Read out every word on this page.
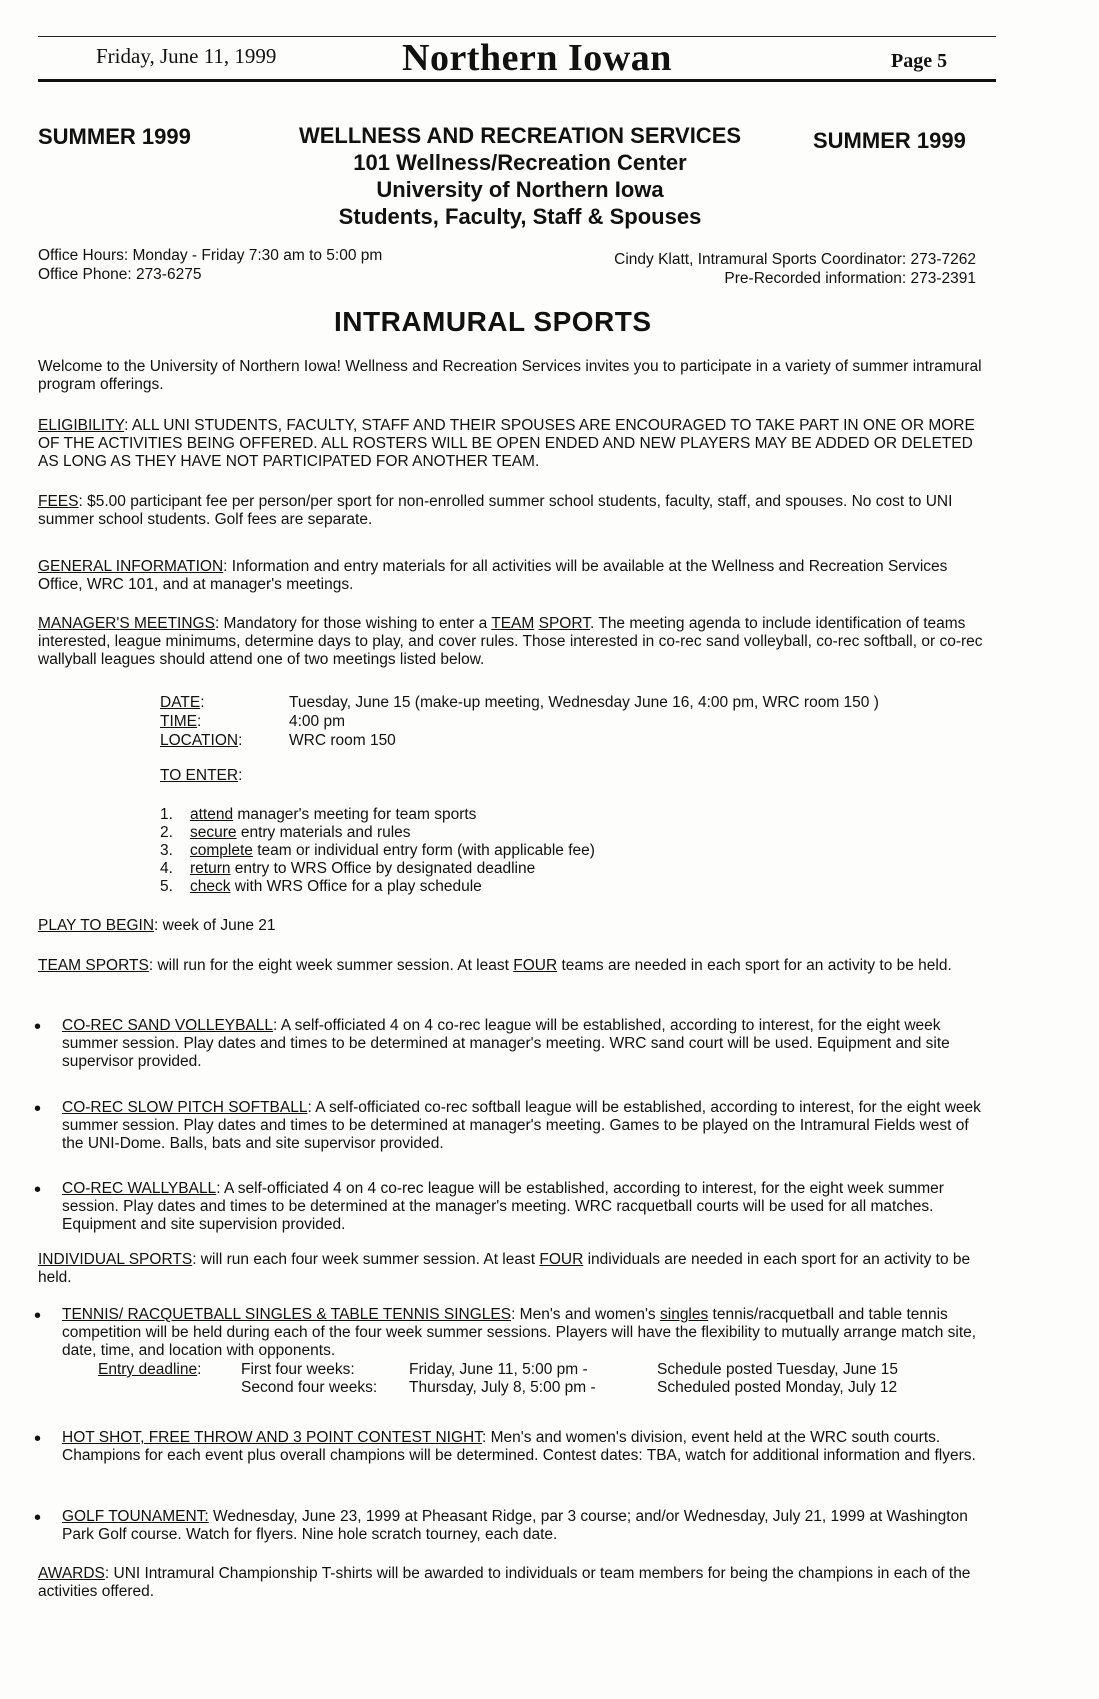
Friday, June 11, 1999	Northern Iowan	Page 5
SUMMER 1999	SUMMER 1999
WELLNESS AND RECREATION SERVICES
101 Wellness/Recreation Center
University of Northern Iowa
Students, Faculty, Staff & Spouses
Office Hours: Monday - Friday 7:30 am to 5:00 pm
Office Phone: 273-6275
Cindy Klatt, Intramural Sports Coordinator: 273-7262
Pre-Recorded information: 273-2391
INTRAMURAL SPORTS
Welcome to the University of Northern Iowa! Wellness and Recreation Services invites you to participate in a variety of summer intramural program offerings.
ELIGIBILITY: ALL UNI STUDENTS, FACULTY, STAFF AND THEIR SPOUSES ARE ENCOURAGED TO TAKE PART IN ONE OR MORE OF THE ACTIVITIES BEING OFFERED. ALL ROSTERS WILL BE OPEN ENDED AND NEW PLAYERS MAY BE ADDED OR DELETED AS LONG AS THEY HAVE NOT PARTICIPATED FOR ANOTHER TEAM.
FEES: $5.00 participant fee per person/per sport for non-enrolled summer school students, faculty, staff, and spouses. No cost to UNI summer school students. Golf fees are separate.
GENERAL INFORMATION: Information and entry materials for all activities will be available at the Wellness and Recreation Services Office, WRC 101, and at manager's meetings.
MANAGER'S MEETINGS: Mandatory for those wishing to enter a TEAM SPORT. The meeting agenda to include identification of teams interested, league minimums, determine days to play, and cover rules. Those interested in co-rec sand volleyball, co-rec softball, or co-rec wallyball leagues should attend one of two meetings listed below.
DATE:	Tuesday, June 15 (make-up meeting, Wednesday June 16, 4:00 pm, WRC room 150 )
TIME:	4:00 pm
LOCATION:	WRC room 150
TO ENTER:
1.	attend manager's meeting for team sports
2.	secure entry materials and rules
3.	complete team or individual entry form (with applicable fee)
4.	return entry to WRS Office by designated deadline
5.	check with WRS Office for a play schedule
PLAY TO BEGIN: week of June 21
TEAM SPORTS: will run for the eight week summer session. At least FOUR teams are needed in each sport for an activity to be held.
•	CO-REC SAND VOLLEYBALL: A self-officiated 4 on 4 co-rec league will be established, according to interest, for the eight week summer session. Play dates and times to be determined at manager's meeting. WRC sand court will be used. Equipment and site supervisor provided.
•	CO-REC SLOW PITCH SOFTBALL: A self-officiated co-rec softball league will be established, according to interest, for the eight week summer session. Play dates and times to be determined at manager's meeting. Games to be played on the Intramural Fields west of the UNI-Dome. Balls, bats and site supervisor provided.
•	CO-REC WALLYBALL: A self-officiated 4 on 4 co-rec league will be established, according to interest, for the eight week summer session. Play dates and times to be determined at the manager's meeting. WRC racquetball courts will be used for all matches. Equipment and site supervision provided.
INDIVIDUAL SPORTS: will run each four week summer session. At least FOUR individuals are needed in each sport for an activity to be held.
•	TENNIS/ RACQUETBALL SINGLES & TABLE TENNIS SINGLES: Men's and women's singles tennis/racquetball and table tennis competition will be held during each of the four week summer sessions. Players will have the flexibility to mutually arrange match site, date, time, and location with opponents.
Entry deadline:	First four weeks:	Friday, June 11, 5:00 pm -	Schedule posted Tuesday, June 15
Second four weeks:	Thursday, July 8, 5:00 pm -	Scheduled posted Monday, July 12
•	HOT SHOT, FREE THROW AND 3 POINT CONTEST NIGHT: Men's and women's division, event held at the WRC south courts. Champions for each event plus overall champions will be determined. Contest dates: TBA, watch for additional information and flyers.
•	GOLF TOUNAMENT: Wednesday, June 23, 1999 at Pheasant Ridge, par 3 course; and/or Wednesday, July 21, 1999 at Washington Park Golf course. Watch for flyers. Nine hole scratch tourney, each date.
AWARDS: UNI Intramural Championship T-shirts will be awarded to individuals or team members for being the champions in each of the activities offered.
